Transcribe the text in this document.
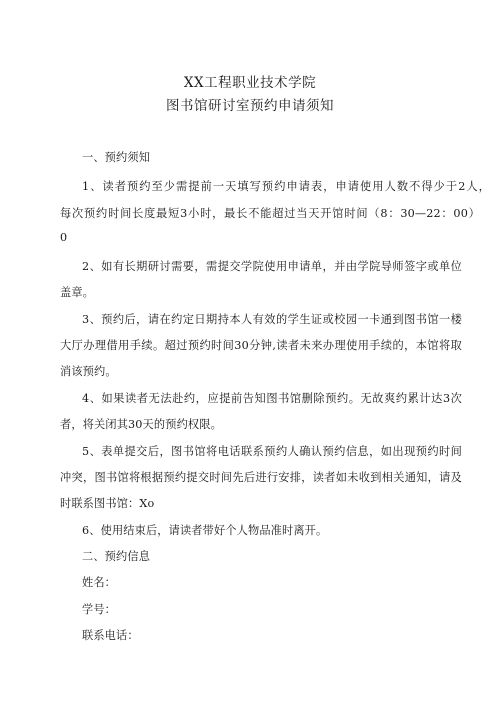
XX工程职业技术学院
图书馆研讨室预约申请须知
一、预约须知
1、读者预约至少需提前一天填写预约申请表，申请使用人数不得少于2人，
每次预约时间长度最短3小时，最长不能超过当天开馆时间（8：30—22：00）
0
2、如有长期研讨需要，需提交学院使用申请单，并由学院导师签字或单位
盖章。
3、预约后，请在约定日期持本人有效的学生证或校园一卡通到图书馆一楼
大厅办理借用手续。超过预约时间30分钟,读者未来办理使用手续的，本馆将取
消该预约。
4、如果读者无法赴约，应提前告知图书馆删除预约。无故爽约累计达3次
者，将关闭其30天的预约权限。
5、表单提交后，图书馆将电话联系预约人确认预约信息，如出现预约时间
冲突，图书馆将根据预约提交时间先后进行安排，读者如未收到相关通知，请及
时联系图书馆：Xo
6、使用结束后，请读者带好个人物品准时离开。
二、预约信息
姓名：
学号：
联系电话：
